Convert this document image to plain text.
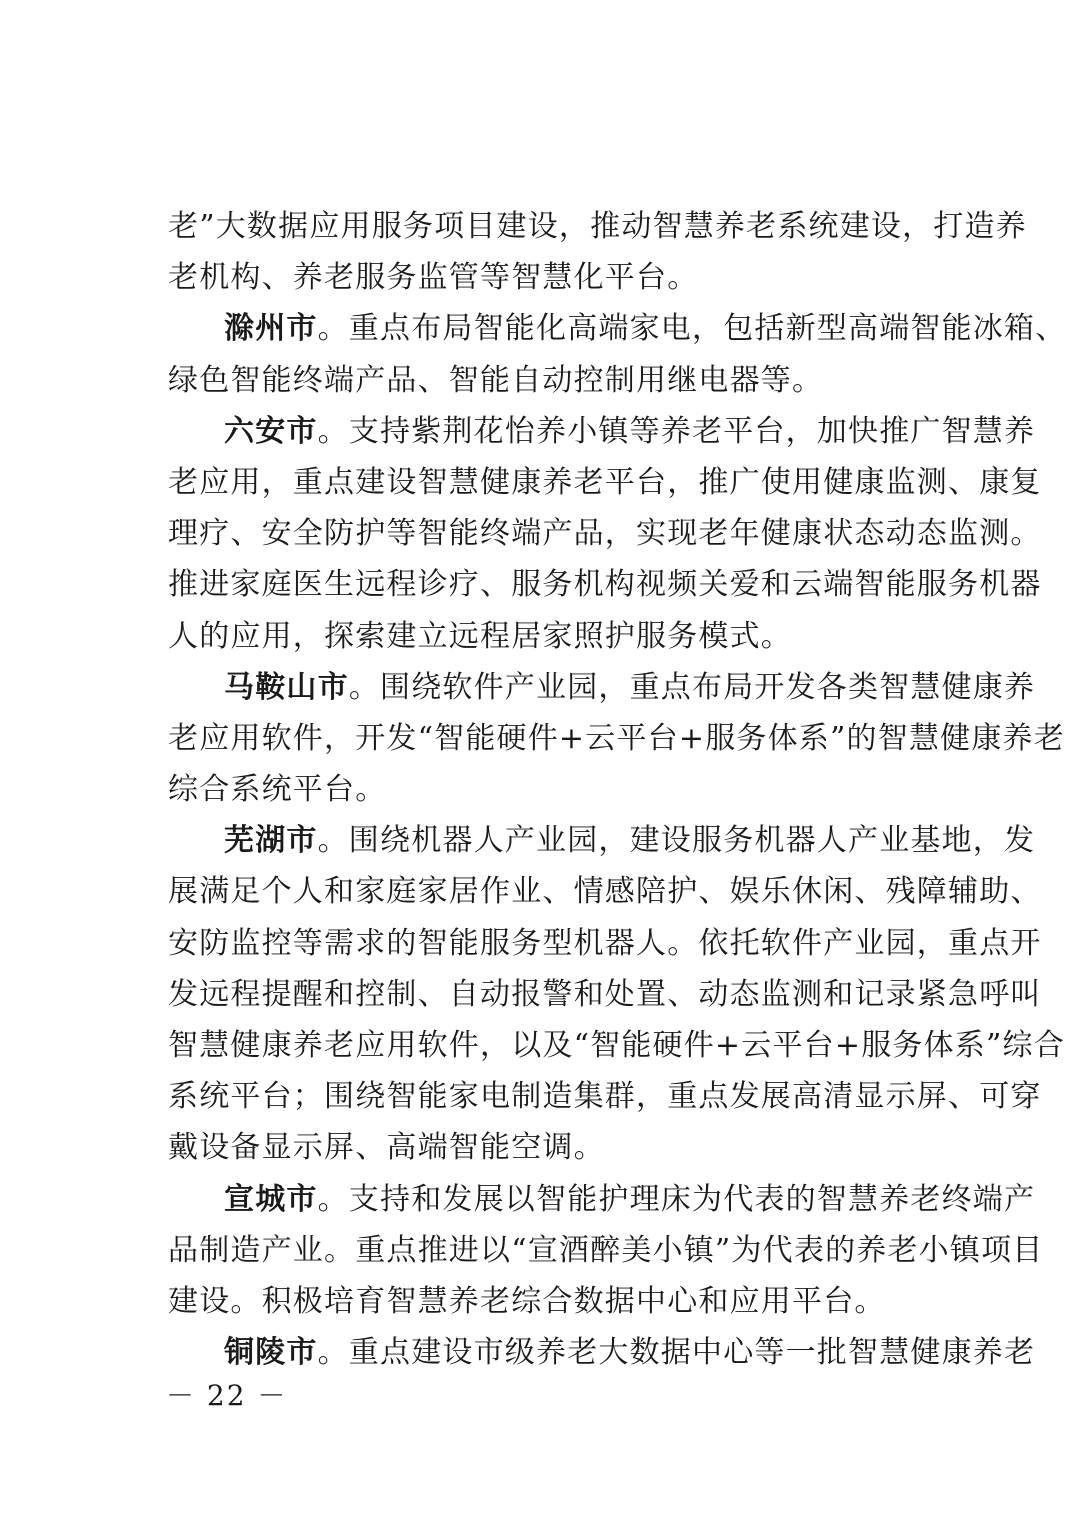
老”大数据应用服务项目建设，推动智慧养老系统建设，打造养
老机构、养老服务监管等智慧化平台。
滁州市。重点布局智能化高端家电，包括新型高端智能冰箱、
绿色智能终端产品、智能自动控制用继电器等。
六安市。支持紫荆花怡养小镇等养老平台，加快推广智慧养
老应用，重点建设智慧健康养老平台，推广使用健康监测、康复
理疗、安全防护等智能终端产品，实现老年健康状态动态监测。
推进家庭医生远程诊疗、服务机构视频关爱和云端智能服务机器
人的应用，探索建立远程居家照护服务模式。
马鞍山市。围绕软件产业园，重点布局开发各类智慧健康养
老应用软件，开发“智能硬件+云平台+服务体系”的智慧健康养老
综合系统平台。
芜湖市。围绕机器人产业园，建设服务机器人产业基地，发
展满足个人和家庭家居作业、情感陪护、娱乐休闲、残障辅助、
安防监控等需求的智能服务型机器人。依托软件产业园，重点开
发远程提醒和控制、自动报警和处置、动态监测和记录紧急呼叫
智慧健康养老应用软件，以及“智能硬件+云平台+服务体系”综合
系统平台；围绕智能家电制造集群，重点发展高清显示屏、可穿
戴设备显示屏、高端智能空调。
宣城市。支持和发展以智能护理床为代表的智慧养老终端产
品制造产业。重点推进以“宣酒醉美小镇”为代表的养老小镇项目
建设。积极培育智慧养老综合数据中心和应用平台。
铜陵市。重点建设市级养老大数据中心等一批智慧健康养老
－ 22 －
